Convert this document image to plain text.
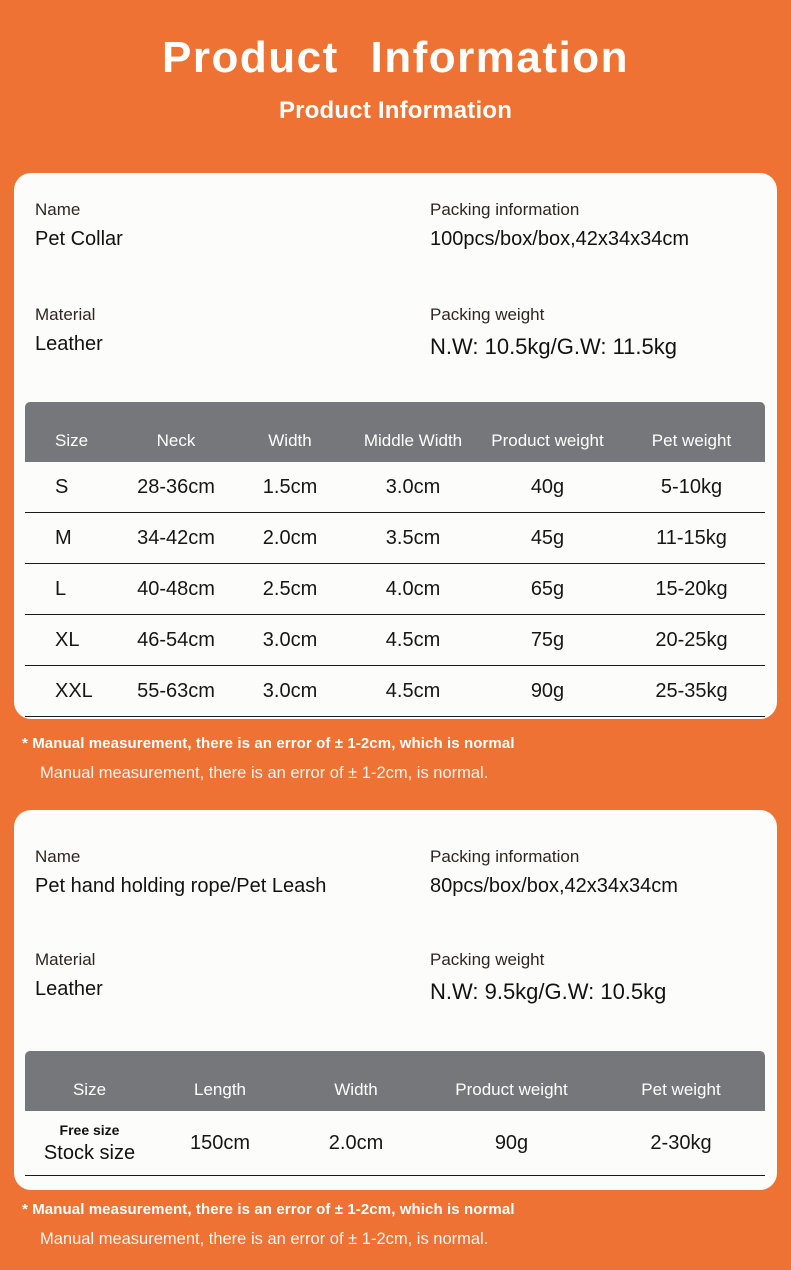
Product Information
Product Information
Name
Pet Collar
Packing information
100pcs/box/box,42x34x34cm
Material
Leather
Packing weight
N.W: 10.5kg/G.W: 11.5kg
Size	Neck	Width	Middle Width	Product weight	Pet weight
S	28-36cm	1.5cm	3.0cm	40g	5-10kg
M	34-42cm	2.0cm	3.5cm	45g	11-15kg
L	40-48cm	2.5cm	4.0cm	65g	15-20kg
XL	46-54cm	3.0cm	4.5cm	75g	20-25kg
XXL	55-63cm	3.0cm	4.5cm	90g	25-35kg
* Manual measurement, there is an error of ± 1-2cm, which is normal
Manual measurement, there is an error of ± 1-2cm, is normal.
Name
Pet hand holding rope/Pet Leash
Packing information
80pcs/box/box,42x34x34cm
Material
Leather
Packing weight
N.W: 9.5kg/G.W: 10.5kg
Size	Length	Width	Product weight	Pet weight
Free size
Stock size	150cm	2.0cm	90g	2-30kg
* Manual measurement, there is an error of ± 1-2cm, which is normal
Manual measurement, there is an error of ± 1-2cm, is normal.
